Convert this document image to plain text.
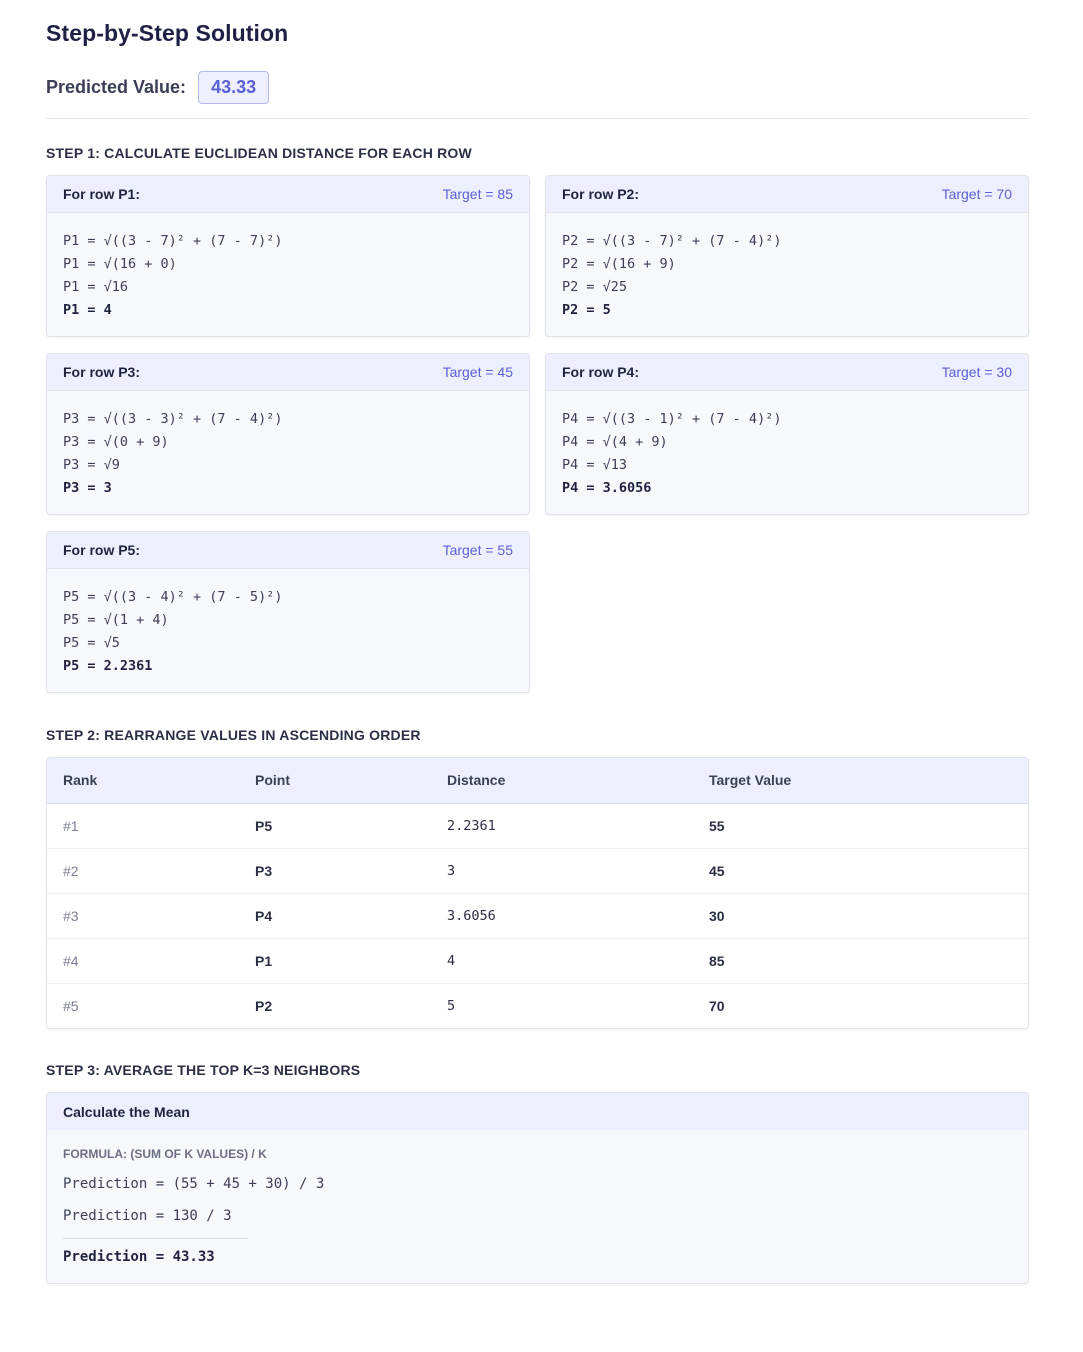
Step-by-Step Solution
Predicted Value:	43.33
STEP 1: CALCULATE EUCLIDEAN DISTANCE FOR EACH ROW
For row P1:	Target = 85
P1 = √((3 - 7)² + (7 - 7)²)
P1 = √(16 + 0)
P1 = √16
P1 = 4
For row P2:	Target = 70
P2 = √((3 - 7)² + (7 - 4)²)
P2 = √(16 + 9)
P2 = √25
P2 = 5
For row P3:	Target = 45
P3 = √((3 - 3)² + (7 - 4)²)
P3 = √(0 + 9)
P3 = √9
P3 = 3
For row P4:	Target = 30
P4 = √((3 - 1)² + (7 - 4)²)
P4 = √(4 + 9)
P4 = √13
P4 = 3.6056
For row P5:	Target = 55
P5 = √((3 - 4)² + (7 - 5)²)
P5 = √(1 + 4)
P5 = √5
P5 = 2.2361
STEP 2: REARRANGE VALUES IN ASCENDING ORDER
Rank	Point	Distance	Target Value
#1	P5	2.2361	55
#2	P3	3	45
#3	P4	3.6056	30
#4	P1	4	85
#5	P2	5	70
STEP 3: AVERAGE THE TOP K=3 NEIGHBORS
Calculate the Mean
FORMULA: (SUM OF K VALUES) / K
Prediction = (55 + 45 + 30) / 3
Prediction = 130 / 3
Prediction = 43.33
